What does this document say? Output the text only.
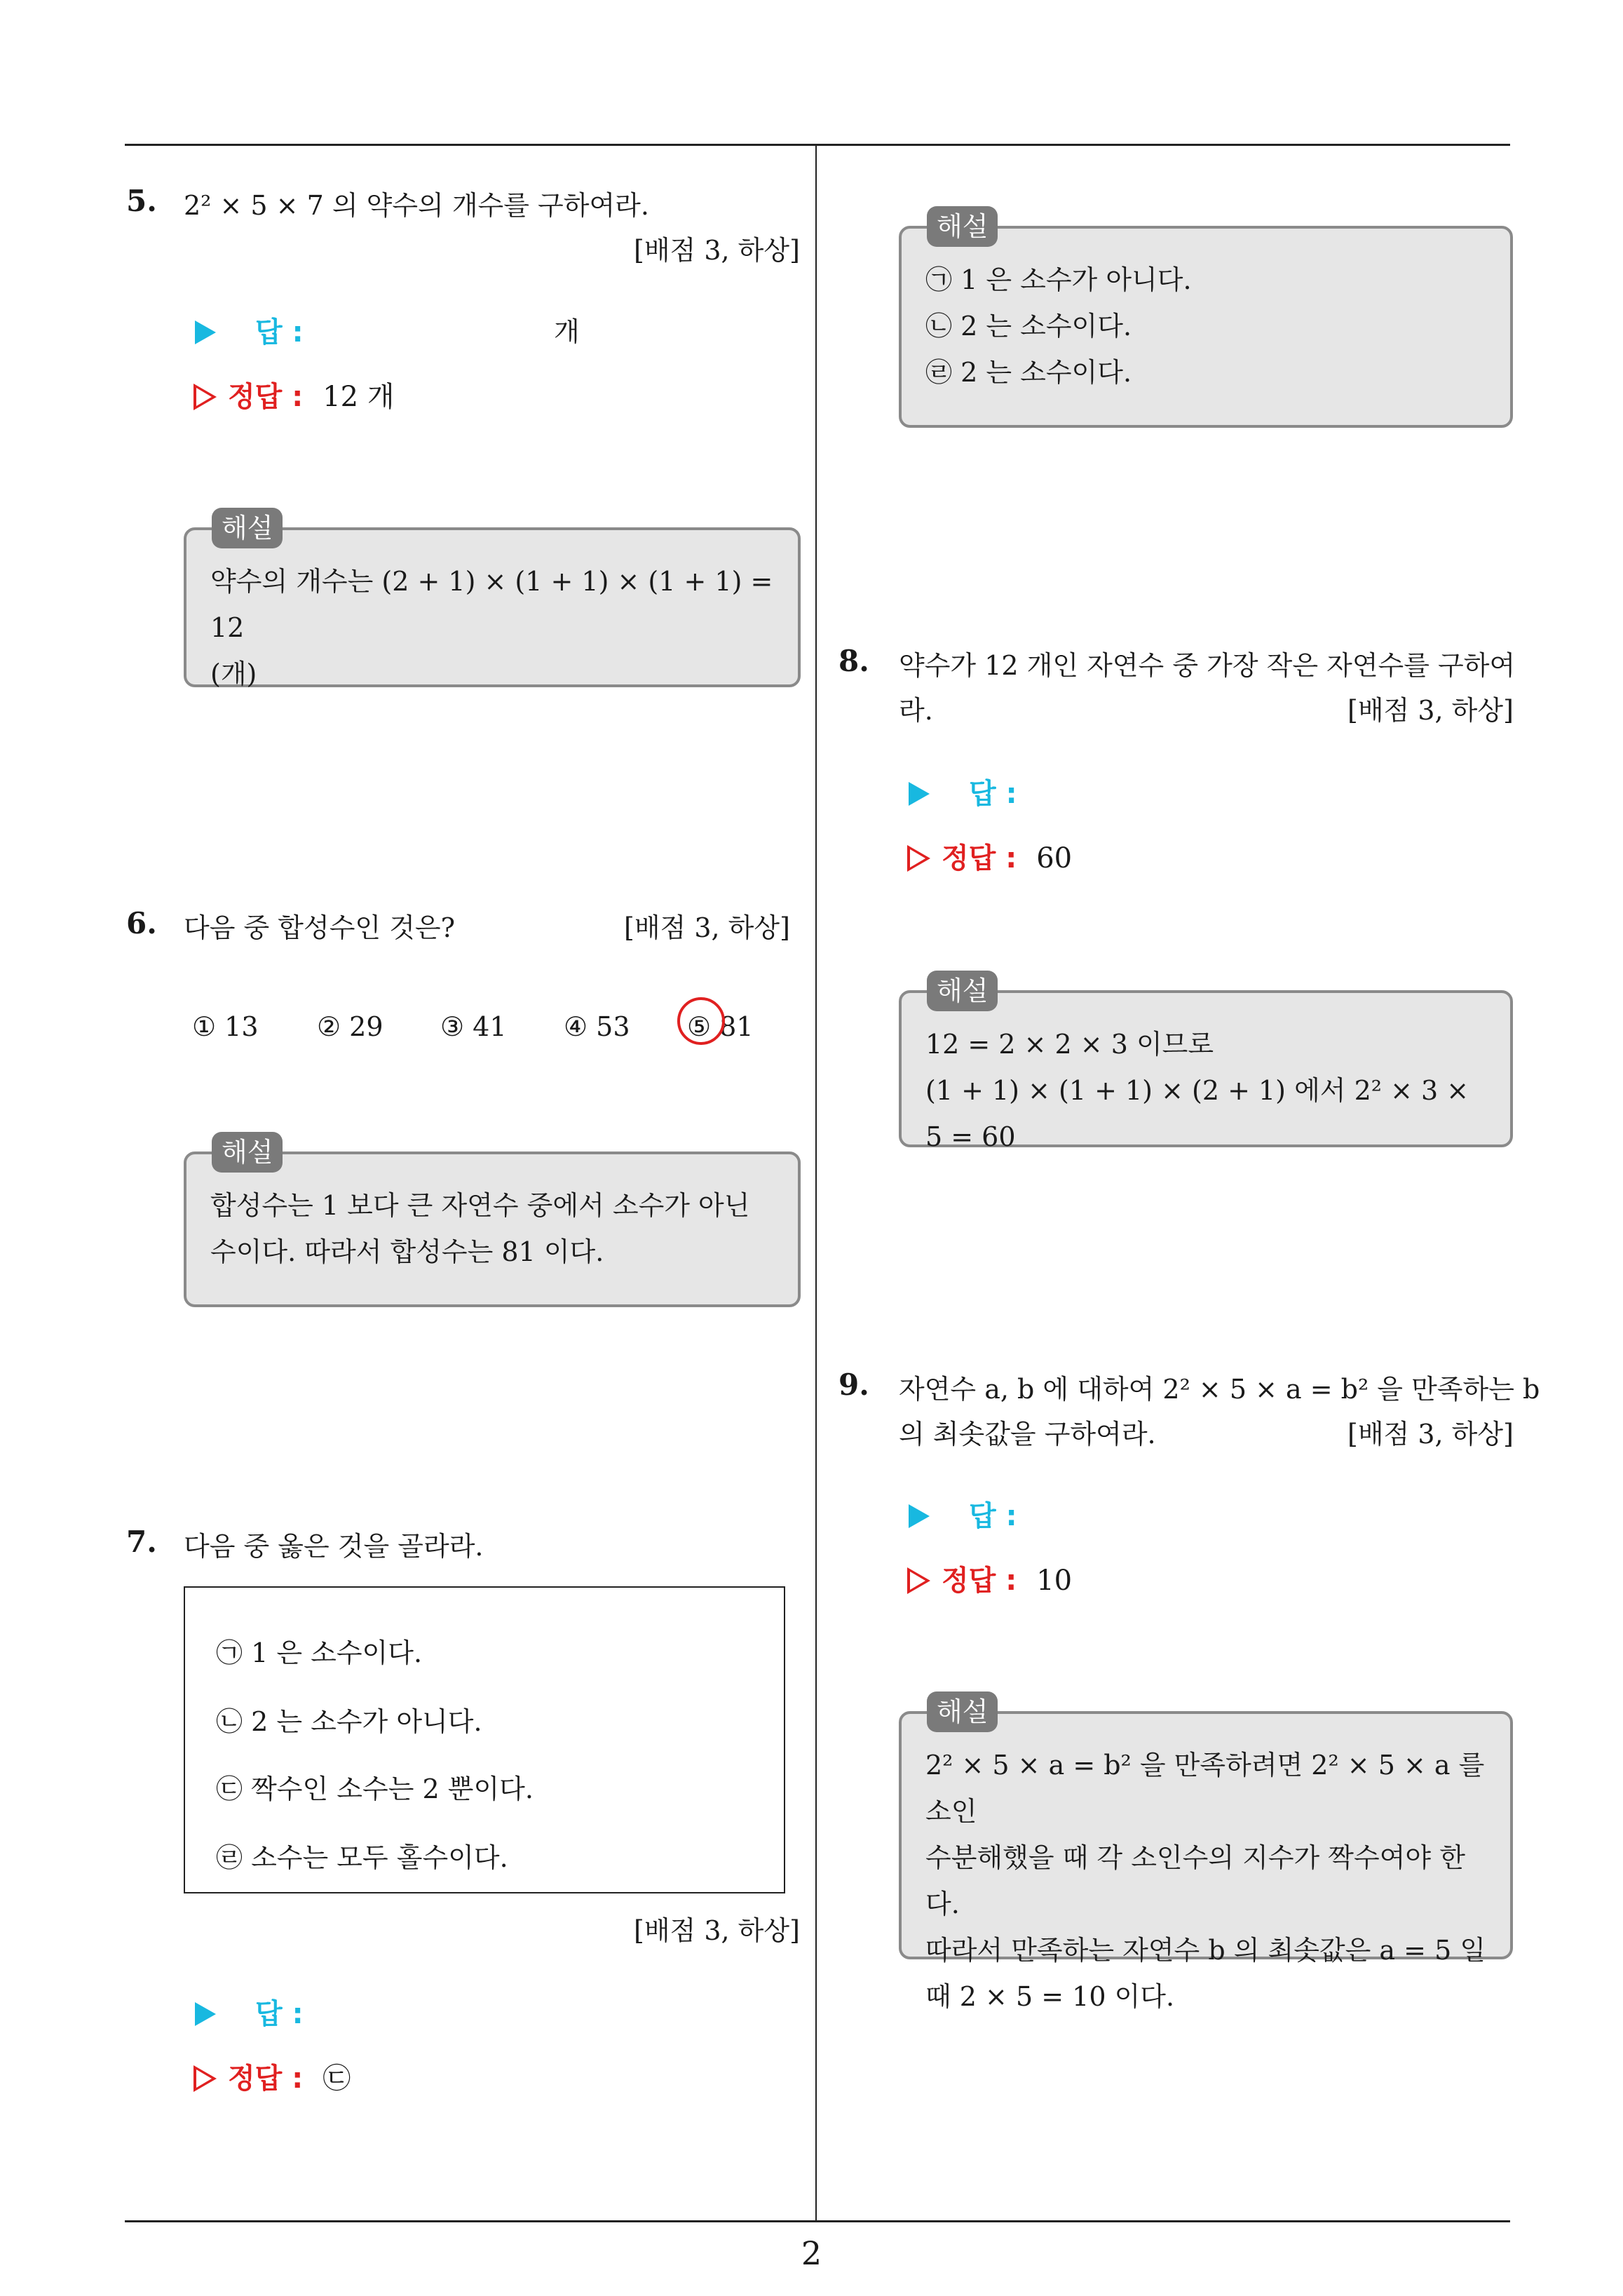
5. 2² × 5 × 7 의 약수의 개수를 구하여라.
[배점 3, 하상]
답 :	개
정답 : 12 개
해설
약수의 개수는 (2 + 1) × (1 + 1) × (1 + 1) = 12
(개)
6. 다음 중 합성수인 것은?	[배점 3, 하상]
① 13 ② 29 ③ 41 ④ 53 ⑤ 81
해설
합성수는 1 보다 큰 자연수 중에서 소수가 아닌
수이다. 따라서 합성수는 81 이다.
7. 다음 중 옳은 것을 골라라.
㉠ 1 은 소수이다.
㉡ 2 는 소수가 아니다.
㉢ 짝수인 소수는 2 뿐이다.
㉣ 소수는 모두 홀수이다.
[배점 3, 하상]
답 :
정답 : ㉢
해설
㉠ 1 은 소수가 아니다.
㉡ 2 는 소수이다.
㉣ 2 는 소수이다.
8. 약수가 12 개인 자연수 중 가장 작은 자연수를 구하여
라.	[배점 3, 하상]
답 :
정답 : 60
해설
12 = 2 × 2 × 3 이므로
(1 + 1) × (1 + 1) × (2 + 1) 에서 2² × 3 × 5 = 60
9. 자연수 a, b 에 대하여 2² × 5 × a = b² 을 만족하는 b
의 최솟값을 구하여라.	[배점 3, 하상]
답 :
정답 : 10
해설
2² × 5 × a = b² 을 만족하려면 2² × 5 × a 를 소인
수분해했을 때 각 소인수의 지수가 짝수여야 한다.
따라서 만족하는 자연수 b 의 최솟값은 a = 5 일
때 2 × 5 = 10 이다.
2
